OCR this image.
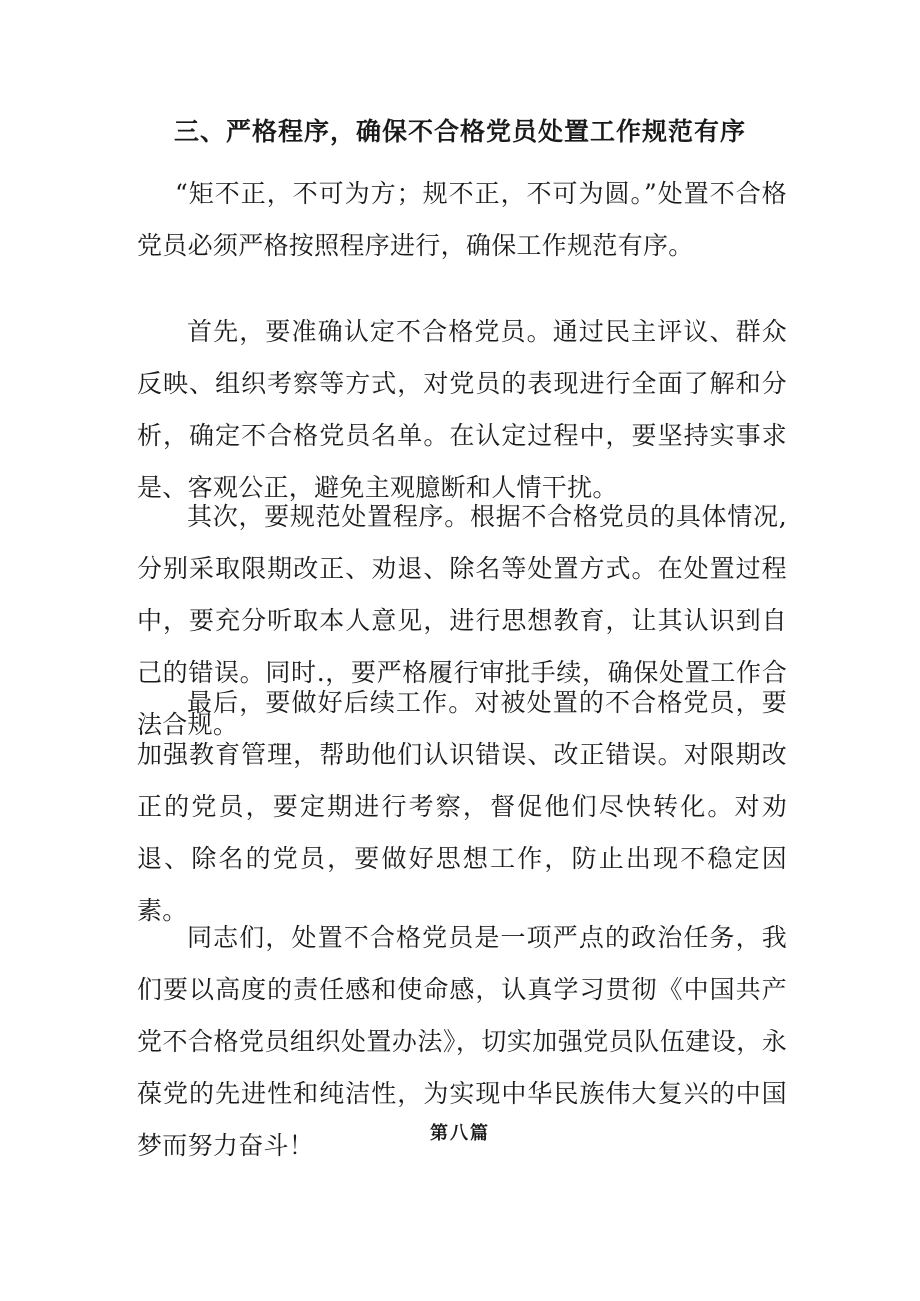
三、严格程序，确保不合格党员处置工作规范有序

“矩不正，不可为方；规不正，不可为圆。”处置不合格党员必须严格按照程序进行，确保工作规范有序。

首先，要准确认定不合格党员。通过民主评议、群众反映、组织考察等方式，对党员的表现进行全面了解和分析，确定不合格党员名单。在认定过程中，要坚持实事求是、客观公正，避免主观臆断和人情干扰。

其次，要规范处置程序。根据不合格党员的具体情况,分别采取限期改正、劝退、除名等处置方式。在处置过程中，要充分听取本人意见，进行思想教育，让其认识到自己的错误。同时.，要严格履行审批手续，确保处置工作合法合规。

最后，要做好后续工作。对被处置的不合格党员，要加强教育管理，帮助他们认识错误、改正错误。对限期改正的党员，要定期进行考察，督促他们尽快转化。对劝退、除名的党员，要做好思想工作，防止出现不稳定因素。

同志们，处置不合格党员是一项严点的政治任务，我们要以高度的责任感和使命感，认真学习贯彻《中国共产党不合格党员组织处置办法》，切实加强党员队伍建设，永葆党的先进性和纯洁性，为实现中华民族伟大复兴的中国梦而努力奋斗！	第八篇
